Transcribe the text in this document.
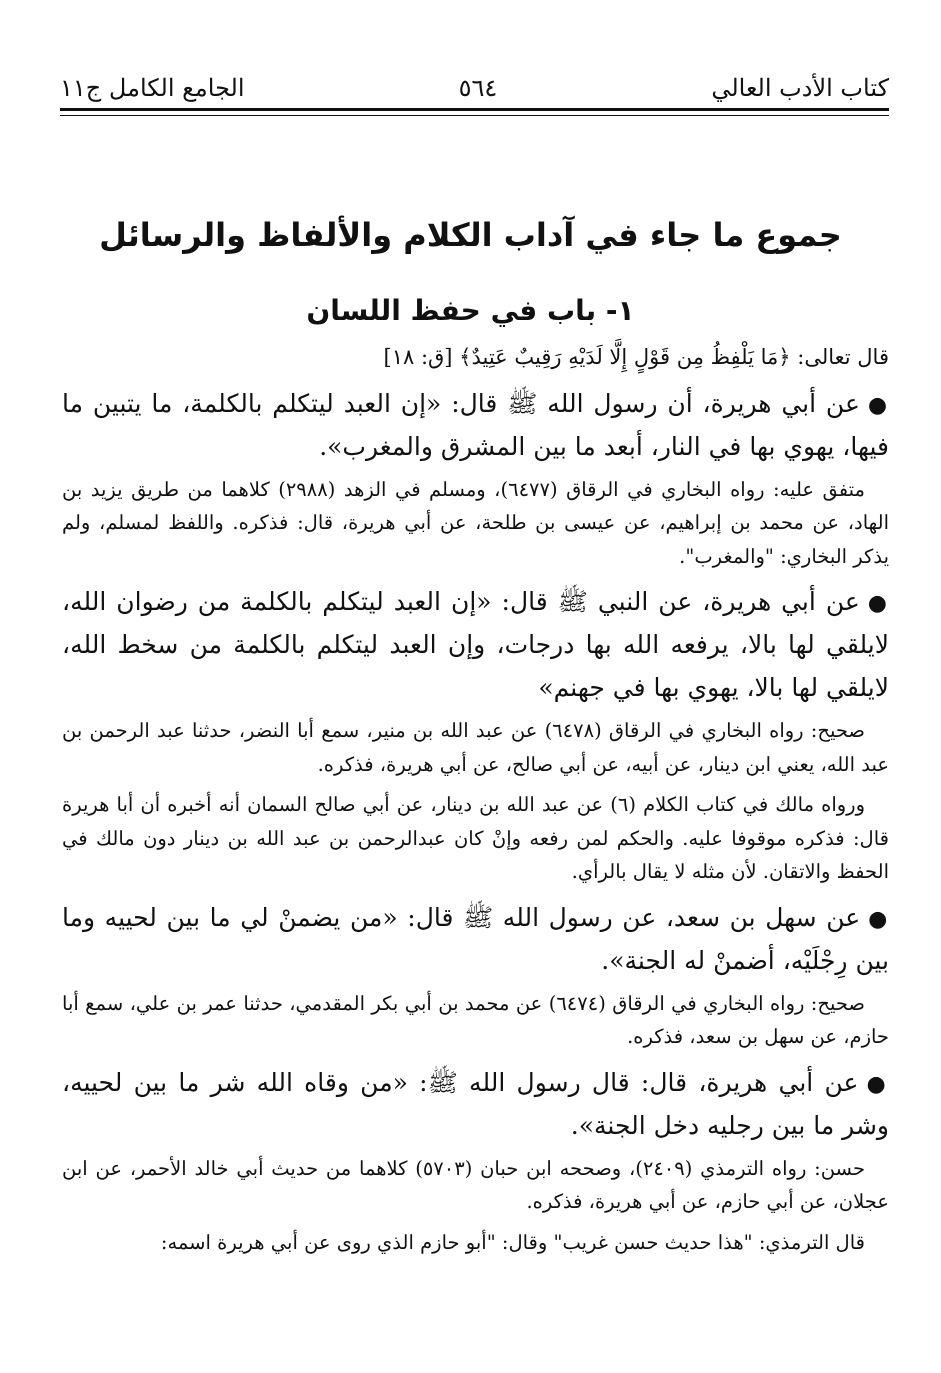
كتاب الأدب العالي
٥٦٤
الجامع الكامل ج١١
جموع ما جاء في آداب الكلام والألفاظ والرسائل
١- باب في حفظ اللسان

قال تعالى: ﴿مَا يَلْفِظُ مِن قَوْلٍ إِلَّا لَدَيْهِ رَقِيبٌ عَتِيدٌ﴾ [ق: ١٨]

●عن أبي هريرة، أن رسول الله ﷺ قال: «إن العبد ليتكلم بالكلمة، ما يتبين ما فيها، يهوي بها في النار، أبعد ما بين المشرق والمغرب».

متفق عليه: رواه البخاري في الرقاق (٦٤٧٧)، ومسلم في الزهد (٢٩٨٨) كلاهما من طريق يزيد بن الهاد، عن محمد بن إبراهيم، عن عيسى بن طلحة، عن أبي هريرة، قال: فذكره. واللفظ لمسلم، ولم يذكر البخاري: "والمغرب".

●عن أبي هريرة، عن النبي ﷺ قال: «إن العبد ليتكلم بالكلمة من رضوان الله، لايلقي لها بالا، يرفعه الله بها درجات، وإن العبد ليتكلم بالكلمة من سخط الله، لايلقي لها بالا، يهوي بها في جهنم»

صحيح: رواه البخاري في الرقاق (٦٤٧٨) عن عبد الله بن منير، سمع أبا النضر، حدثنا عبد الرحمن بن عبد الله، يعني ابن دينار، عن أبيه، عن أبي صالح، عن أبي هريرة، فذكره.

ورواه مالك في كتاب الكلام (٦) عن عبد الله بن دينار، عن أبي صالح السمان أنه أخبره أن أبا هريرة قال: فذكره موقوفا عليه. والحكم لمن رفعه وإنْ كان عبدالرحمن بن عبد الله بن دينار دون مالك في الحفظ والاتقان. لأن مثله لا يقال بالرأي.

●عن سهل بن سعد، عن رسول الله ﷺ قال: «من يضمنْ لي ما بين لحييه وما بين رِجْلَيْه، أضمنْ له الجنة».

صحيح: رواه البخاري في الرقاق (٦٤٧٤) عن محمد بن أبي بكر المقدمي، حدثنا عمر بن علي، سمع أبا حازم، عن سهل بن سعد، فذكره.

●عن أبي هريرة، قال: قال رسول الله ﷺ: «من وقاه الله شر ما بين لحييه، وشر ما بين رجليه دخل الجنة».

حسن: رواه الترمذي (٢٤٠٩)، وصححه ابن حبان (٥٧٠٣) كلاهما من حديث أبي خالد الأحمر، عن ابن عجلان، عن أبي حازم، عن أبي هريرة، فذكره.

قال الترمذي: "هذا حديث حسن غريب" وقال: "أبو حازم الذي روى عن أبي هريرة اسمه:
